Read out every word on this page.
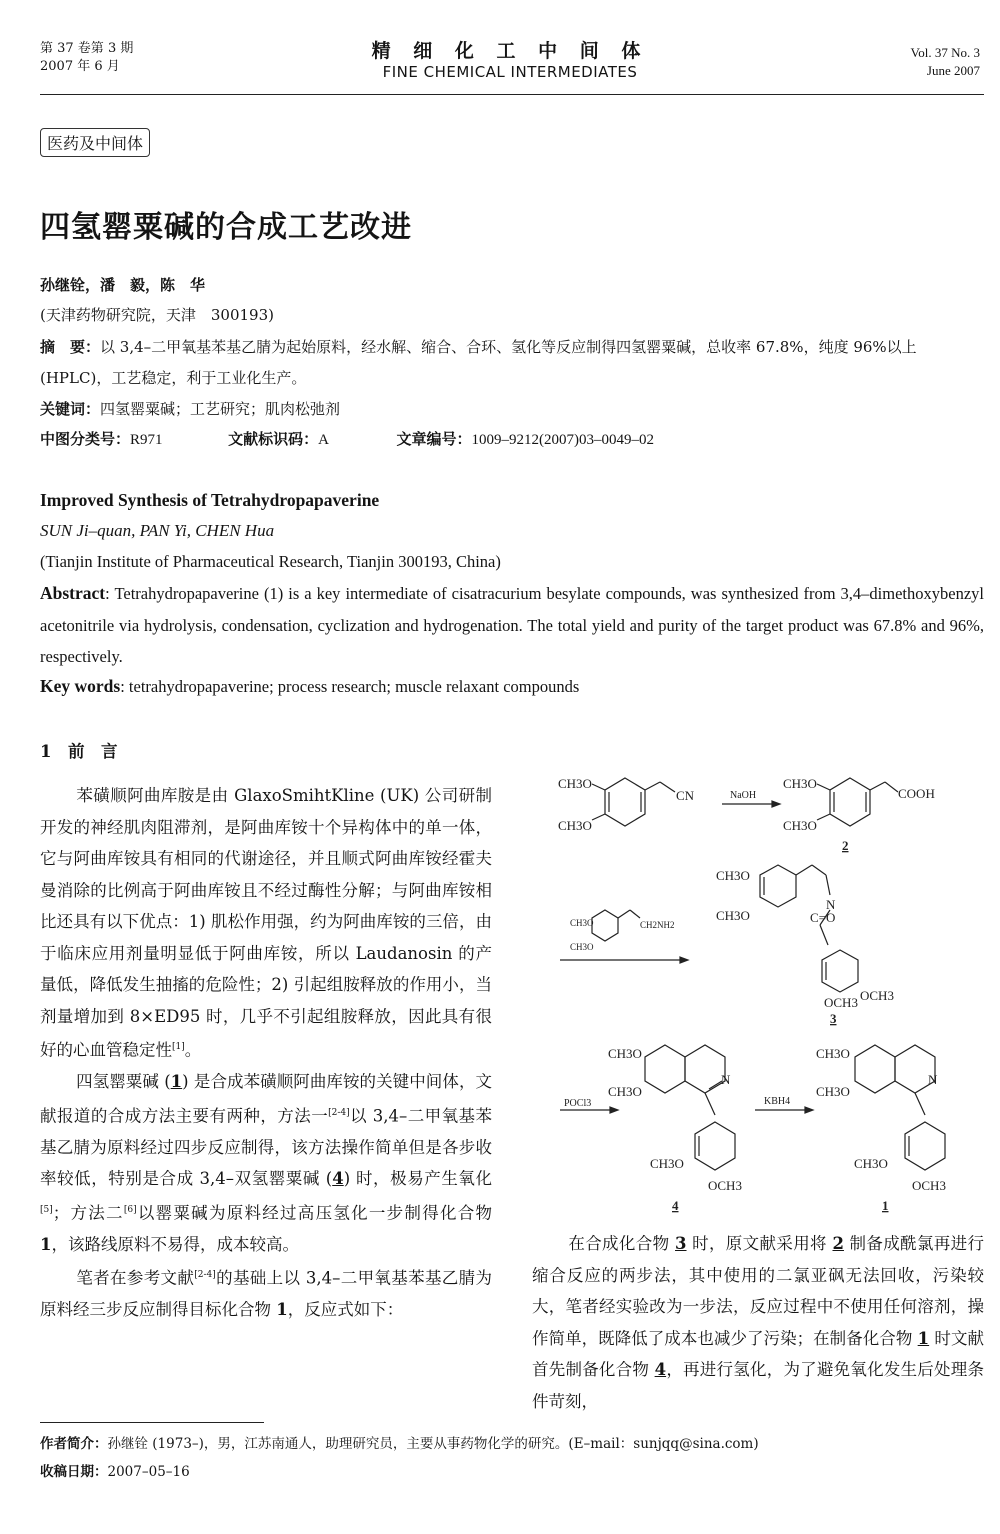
第 37 卷第 3 期
2007 年 6 月
精 细 化 工 中 间 体
FINE CHEMICAL INTERMEDIATES
Vol. 37 No. 3
June 2007
医药及中间体
四氢罂粟碱的合成工艺改进
孙继铨，潘　毅，陈　华
(天津药物研究院，天津　300193)
摘　要：以 3,4–二甲氧基苯基乙腈为起始原料，经水解、缩合、合环、氢化等反应制得四氢罂粟碱，总收率 67.8%，纯度 96%以上 (HPLC)，工艺稳定，利于工业化生产。
关键词：四氢罂粟碱；工艺研究；肌肉松弛剂
中图分类号：R971	文献标识码：A	文章编号：1009–9212(2007)03–0049–02
Improved Synthesis of Tetrahydropapaverine
SUN Ji–quan, PAN Yi, CHEN Hua
(Tianjin Institute of Pharmaceutical Research, Tianjin 300193, China)
Abstract: Tetrahydropapaverine (1) is a key intermediate of cisatracurium besylate compounds, was synthesized from 3,4–dimethoxybenzyl acetonitrile via hydrolysis, condensation, cyclization and hydrogenation. The total yield and purity of the target product was 67.8% and 96%, respectively.
Key words: tetrahydropapaverine; process research; muscle relaxant compounds
1　前　言
苯磺顺阿曲库胺是由 GlaxoSmihtKline (UK) 公司研制开发的神经肌肉阻滞剂，是阿曲库铵十个异构体中的单一体，它与阿曲库铵具有相同的代谢途径，并且顺式阿曲库铵经霍夫曼消除的比例高于阿曲库铵且不经过酶性分解；与阿曲库铵相比还具有以下优点：1) 肌松作用强，约为阿曲库铵的三倍，由于临床应用剂量明显低于阿曲库铵，所以 Laudanosin 的产量低，降低发生抽搐的危险性；2) 引起组胺释放的作用小，当剂量增加到 8×ED95 时，几乎不引起组胺释放，因此具有很好的心血管稳定性[1]。
四氢罂粟碱 (1) 是合成苯磺顺阿曲库铵的关键中间体，文献报道的合成方法主要有两种，方法一[2-4]以 3,4–二甲氧基苯基乙腈为原料经过四步反应制得，该方法操作简单但是各步收率较低，特别是合成 3,4–双氢罂粟碱 (4) 时，极易产生氧化[5]；方法二[6]以罂粟碱为原料经过高压氢化一步制得化合物 1，该路线原料不易得，成本较高。
笔者在参考文献[2-4]的基础上以 3,4–二甲氧基苯基乙腈为原料经三步反应制得目标化合物 1，反应式如下：
CH3O
CH3O
CN	NaOH
CH3O
CH3O
COOH
2
CH3O
CH3O
CH2NH2
CH3O
CH3O
N
C=O
OCH3 OCH3
3
CH3O
CH3O
N
POCl3	KBH4
CH3O
OCH3
4
CH3O
CH3O
N
CH3O
OCH3
1
在合成化合物 3 时，原文献采用将 2 制备成酰氯再进行缩合反应的两步法，其中使用的二氯亚砜无法回收，污染较大，笔者经实验改为一步法，反应过程中不使用任何溶剂，操作简单，既降低了成本也减少了污染；在制备化合物 1 时文献首先制备化合物 4，再进行氢化，为了避免氧化发生后处理条件苛刻，
作者简介：孙继铨 (1973–)，男，江苏南通人，助理研究员，主要从事药物化学的研究。(E–mail：sunjqq@sina.com)
收稿日期：2007–05–16
